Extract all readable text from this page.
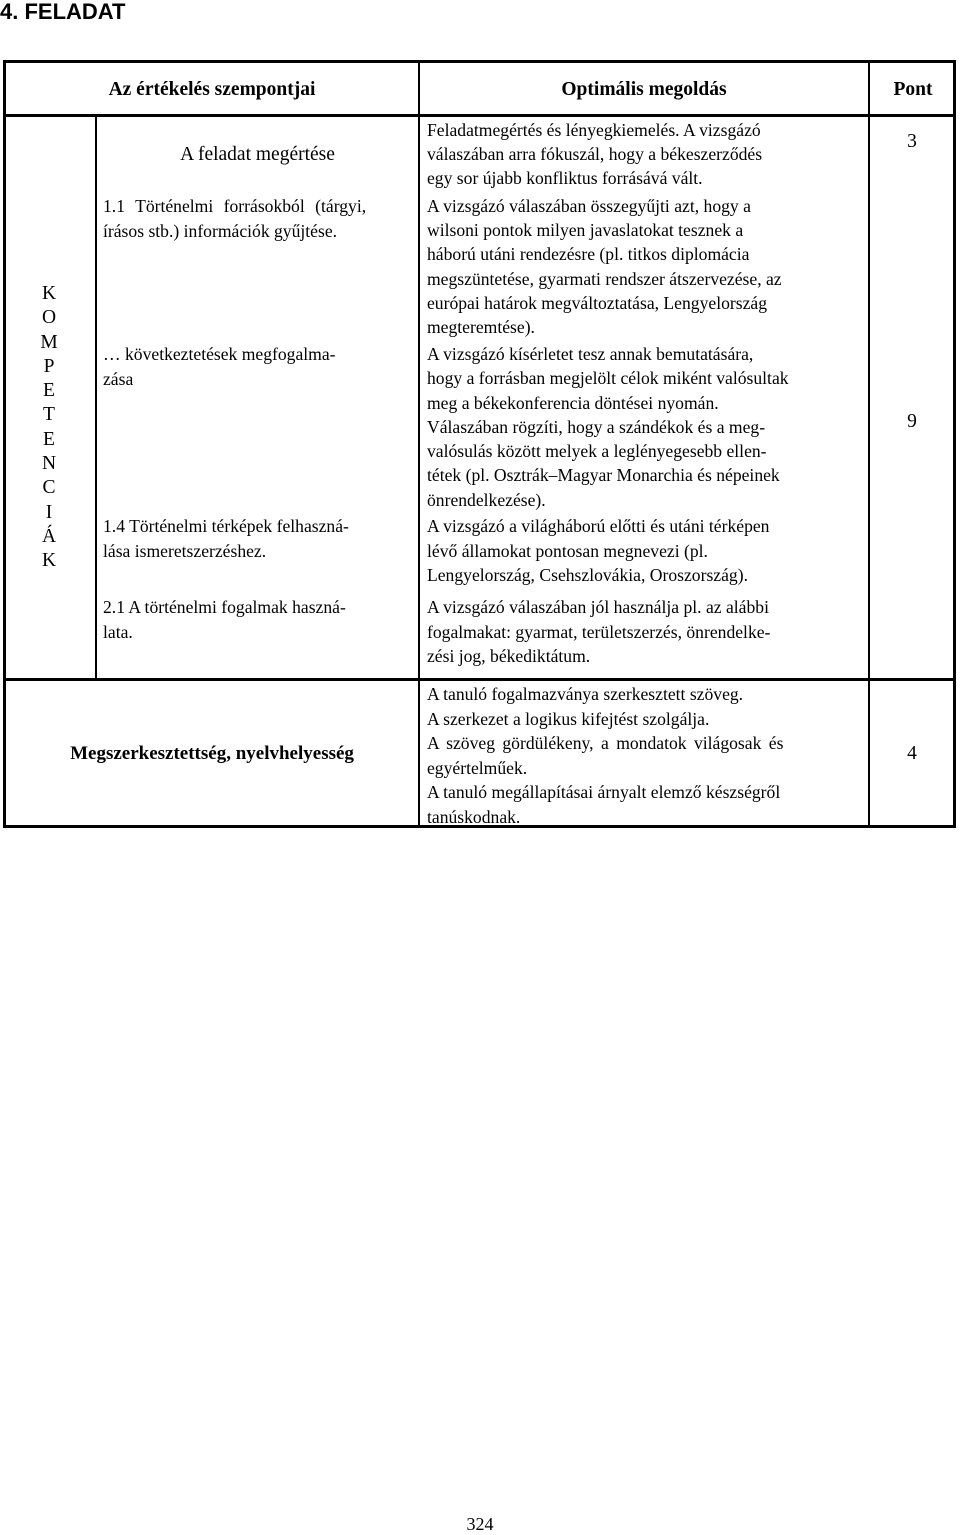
4. FELADAT
Az értékelés szempontjai	Optimális megoldás	Pont
K
O
M
P
E
T
E
N
C
I
Á
K
A feladat megértése
1.1 Történelmi forrásokból (tárgyi,
írásos stb.) információk gyűjtése.
… következtetések megfogalma-
zása
1.4 Történelmi térképek felhaszná-
lása ismeretszerzéshez.
2.1 A történelmi fogalmak haszná-
lata.
Feladatmegértés és lényegkiemelés. A vizsgázó
válaszában arra fókuszál, hogy a békeszerződés
egy sor újabb konfliktus forrásává vált.
A vizsgázó válaszában összegyűjti azt, hogy a
wilsoni pontok milyen javaslatokat tesznek a
háború utáni rendezésre (pl. titkos diplomácia
megszüntetése, gyarmati rendszer átszervezése, az
európai határok megváltoztatása, Lengyelország
megteremtése).
A vizsgázó kísérletet tesz annak bemutatására,
hogy a forrásban megjelölt célok miként valósultak
meg a békekonferencia döntései nyomán.
Válaszában rögzíti, hogy a szándékok és a meg-
valósulás között melyek a leglényegesebb ellen-
tétek (pl. Osztrák–Magyar Monarchia és népeinek
önrendelkezése).
A vizsgázó a világháború előtti és utáni térképen
lévő államokat pontosan megnevezi (pl.
Lengyelország, Csehszlovákia, Oroszország).
A vizsgázó válaszában jól használja pl. az alábbi
fogalmakat: gyarmat, területszerzés, önrendelke-
zési jog, békediktátum.
Megszerkesztettség, nyelvhelyesség
A tanuló fogalmazványa szerkesztett szöveg.
A szerkezet a logikus kifejtést szolgálja.
A szöveg gördülékeny, a mondatok világosak és
egyértelműek.
A tanuló megállapításai árnyalt elemző készségről
tanúskodnak.
3
9
4
324
